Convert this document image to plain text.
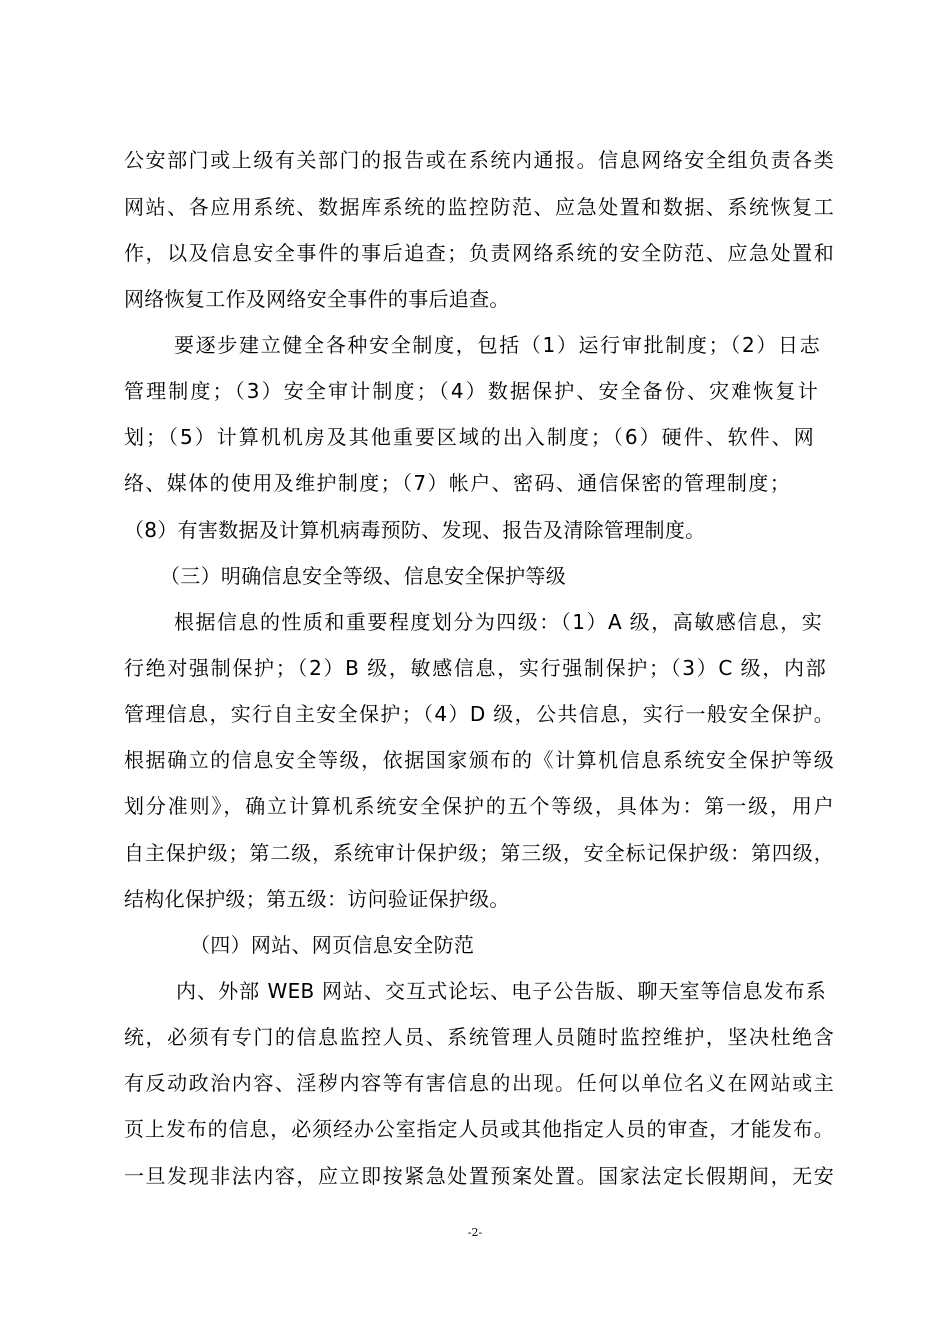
公安部门或上级有关部门的报告或在系统内通报。信息网络安全组负责各类
网站、各应用系统、数据库系统的监控防范、应急处置和数据、系统恢复工
作，以及信息安全事件的事后追查；负责网络系统的安全防范、应急处置和
网络恢复工作及网络安全事件的事后追查。
要逐步建立健全各种安全制度，包括（1）运行审批制度；（2）日志
管理制度；（3）安全审计制度；（4）数据保护、安全备份、灾难恢复计
划；（5）计算机机房及其他重要区域的出入制度；（6）硬件、软件、网
络、媒体的使用及维护制度；（7）帐户、密码、通信保密的管理制度；
（8）有害数据及计算机病毒预防、发现、报告及清除管理制度。
（三）明确信息安全等级、信息安全保护等级
根据信息的性质和重要程度划分为四级：（1）A 级，高敏感信息，实
行绝对强制保护；（2）B 级，敏感信息，实行强制保护；（3）C 级，内部
管理信息，实行自主安全保护；（4）D 级，公共信息，实行一般安全保护。
根据确立的信息安全等级，依据国家颁布的《计算机信息系统安全保护等级
划分准则》，确立计算机系统安全保护的五个等级，具体为：第一级，用户
自主保护级；第二级，系统审计保护级；第三级，安全标记保护级：第四级，
结构化保护级；第五级：访问验证保护级。
（四）网站、网页信息安全防范
内、外部 WEB 网站、交互式论坛、电子公告版、聊天室等信息发布系
统，必须有专门的信息监控人员、系统管理人员随时监控维护，坚决杜绝含
有反动政治内容、淫秽内容等有害信息的出现。任何以单位名义在网站或主
页上发布的信息，必须经办公室指定人员或其他指定人员的审查，才能发布。
一旦发现非法内容，应立即按紧急处置预案处置。国家法定长假期间，无安
-2-
